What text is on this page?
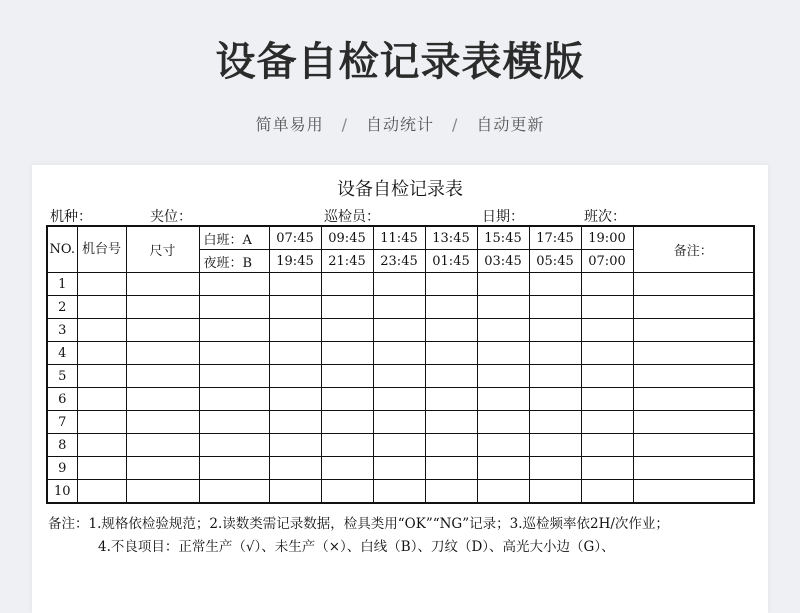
设备自检记录表模版
简单易用 / 自动统计 / 自动更新
设备自检记录表
机种：	夹位：	巡检员：	日期：	班次：
NO.	机台号	尺寸	白班：A	07:45	09:45	11:45	13:45	15:45	17:45	19:00	备注：
			夜班：B	19:45	21:45	23:45	01:45	03:45	05:45	07:00	
1											
2											
3											
4											
5											
6											
7											
8											
9											
10											
备注：1.规格依检验规范；2.读数类需记录数据，检具类用“OK”“NG”记录；3.巡检频率依2H/次作业；
4.不良项目：正常生产（√）、未生产（×）、白线（B）、刀纹（D）、高光大小边（G）、
